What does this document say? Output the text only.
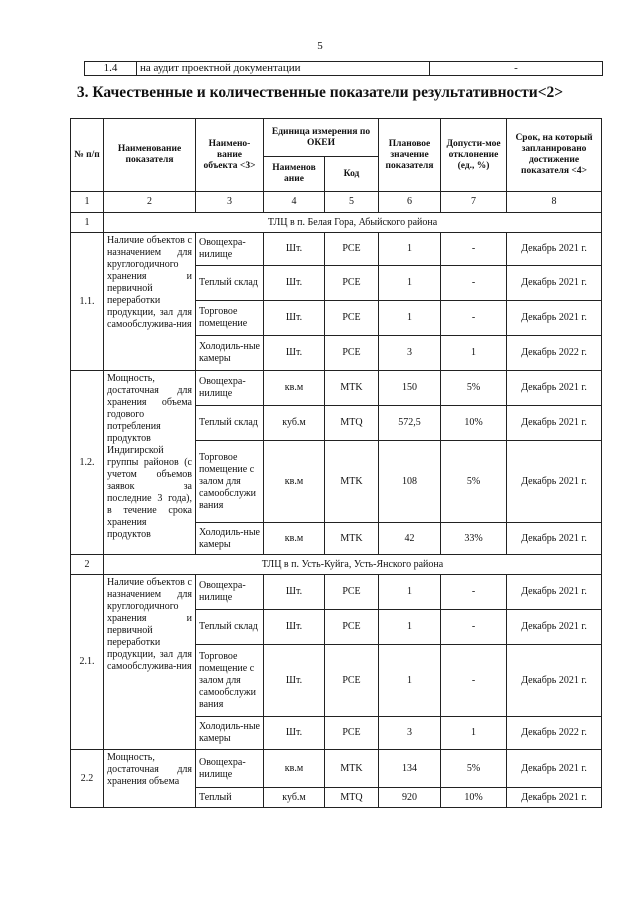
5
1.4	на аудит проектной документации	-
3. Качественные и количественные показатели результативности<2>
№ п/п	Наименование показателя	Наимено-вание объекта <3>	Единица измерения по ОКЕИ		Плановое значение показателя	Допусти-мое отклонение (ед., %)	Срок, на который запланировано достижение показателя <4>
			Наименов ание	Код			
1	2	3	4	5	6	7	8
1	ТЛЦ в п. Белая Гора, Абыйского района						
1.1.	Наличие объектов с назначением для круглогодичного хранения и первичной переработки продукции, зал для самообслужива-ния	Овощехра-нилище	Шт.	PCE	1	-	Декабрь 2021 г.
		Теплый склад	Шт.	PCE	1	-	Декабрь 2021 г.
		Торговое помещение	Шт.	PCE	1	-	Декабрь 2021 г.
		Холодиль-ные камеры	Шт.	PCE	3	1	Декабрь 2022 г.
1.2.	Мощность, достаточная для хранения объема годового потребления продуктов Индигирской группы районов (с учетом объемов заявок за последние 3 года), в течение срока хранения продуктов	Овощехра-нилище	кв.м	MTK	150	5%	Декабрь 2021 г.
		Теплый склад	куб.м	MTQ	572,5	10%	Декабрь 2021 г.
		Торговое помещение с залом для самообслужи вания	кв.м	MTK	108	5%	Декабрь 2021 г.
		Холодиль-ные камеры	кв.м	MTK	42	33%	Декабрь 2021 г.
2	ТЛЦ в п. Усть-Куйга, Усть-Янского района						
2.1.	Наличие объектов с назначением для круглогодичного хранения и первичной переработки продукции, зал для самообслужива-ния	Овощехра-нилище	Шт.	PCE	1	-	Декабрь 2021 г.
		Теплый склад	Шт.	PCE	1	-	Декабрь 2021 г.
		Торговое помещение с залом для самообслужи вания	Шт.	PCE	1	-	Декабрь 2021 г.
		Холодиль-ные камеры	Шт.	PCE	3	1	Декабрь 2022 г.
2.2	Мощность, достаточная для хранения объема	Овощехра-нилище	кв.м	MTK	134	5%	Декабрь 2021 г.
		Теплый	куб.м	MTQ	920	10%	Декабрь 2021 г.
